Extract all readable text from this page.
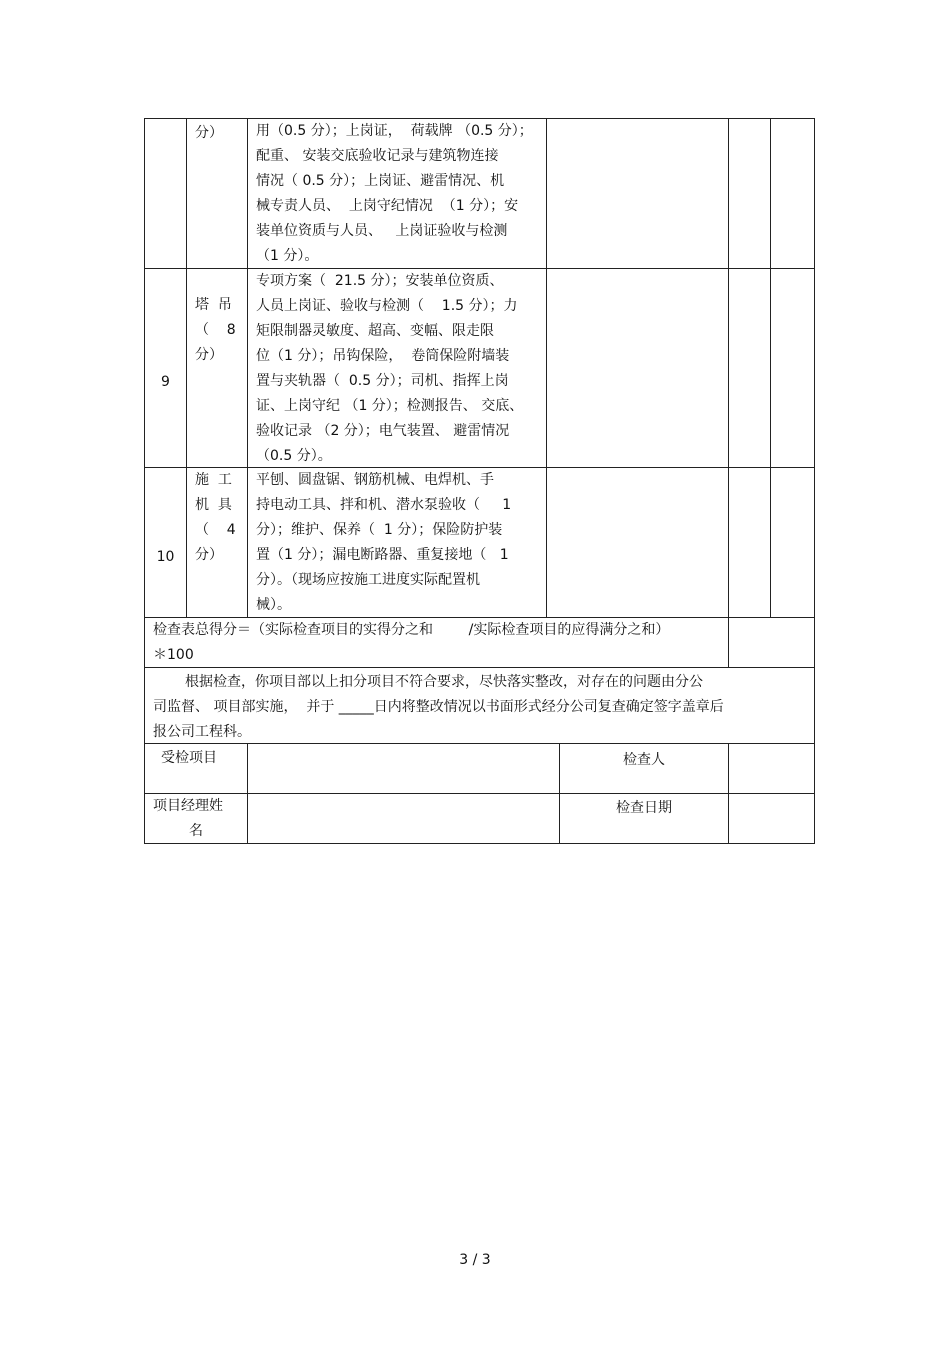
分）	用（0.5 分）；上岗证，  荷载牌 （0.5 分）；
配重、 安装交底验收记录与建筑物连接
情况（ 0.5 分）；上岗证、避雷情况、机
械专责人员、  上岗守纪情况  （1 分）；安
装单位资质与人员、   上岗证验收与检测
（1 分）。
9
塔  吊
（    8
分）
专项方案（  21.5 分）；安装单位资质、
人员上岗证、验收与检测（    1.5 分）；力
矩限制器灵敏度、超高、变幅、限走限
位（1 分）；吊钩保险，  卷筒保险附墙装
置与夹轨器（  0.5 分）；司机、指挥上岗
证、上岗守纪 （1 分）；检测报告、 交底、
验收记录 （2 分）；电气装置、 避雷情况
（0.5 分）。
10
施  工
机  具
（    4
分）
平刨、圆盘锯、钢筋机械、电焊机、手
持电动工具、拌和机、潜水泵验收（     1
分）；维护、保养（  1 分）；保险防护装
置（1 分）；漏电断路器、重复接地（   1
分）。（现场应按施工进度实际配置机
械）。
检查表总得分＝（实际检查项目的实得分之和        /实际检查项目的应得满分之和）
＊100
根据检查，你项目部以上扣分项目不符合要求，尽快落实整改，对存在的问题由分公
司监督、 项目部实施，  并于 _____日内将整改情况以书面形式经分公司复查确定签字盖章后
报公司工程科。
受检项目	检查人
项目经理姓
名
检查日期
3 / 3
